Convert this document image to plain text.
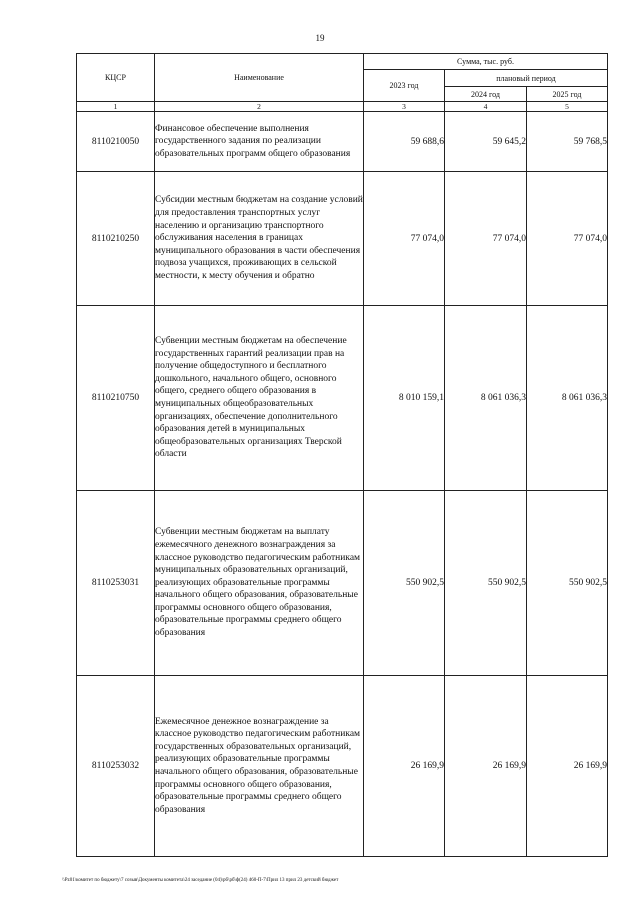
19
КЦСР	Наименование	Сумма, тыс. руб.		
		2023 год	плановый период	
			2024 год	2025 год
1	2	3	4	5
8110210050	Финансовое обеспечение выполнения государственного задания по реализации образовательных программ общего образования	59 688,6	59 645,2	59 768,5
8110210250	Субсидии местным бюджетам на создание условий для предоставления транспортных услуг населению и организацию транспортного обслуживания населения в границах муниципального образования в части обеспечения подвоза учащихся, проживающих в сельской местности, к месту обучения и обратно	77 074,0	77 074,0	77 074,0
8110210750	Субвенции местным бюджетам на обеспечение государственных гарантий реализации прав на получение общедоступного и бесплатного дошкольного, начального общего, основного общего, среднего общего образования в муниципальных общеобразовательных организациях, обеспечение дополнительного образования детей в муниципальных общеобразовательных организациях Тверской области	8 010 159,1	8 061 036,3	8 061 036,3
8110253031	Субвенции местным бюджетам на выплату ежемесячного денежного вознаграждения за классное руководство педагогическим работникам муниципальных образовательных организаций, реализующих образовательные программы начального общего образования, образовательные программы основного общего образования, образовательные программы среднего общего образования	550 902,5	550 902,5	550 902,5
8110253032	Ежемесячное денежное вознаграждение за классное руководство педагогическим работникам государственных образовательных организаций, реализующих образовательные программы начального общего образования, образовательные программы основного общего образования, образовательные программы среднего общего образования	26 169,9	26 169,9	26 169,9
\\Pz01\комитет по бюджету\7 созыв\Документы комитета\24 заседание (04)\рб\рб\ф(24) 460-П-7\Прил 13 прил 23 детский бюджет
